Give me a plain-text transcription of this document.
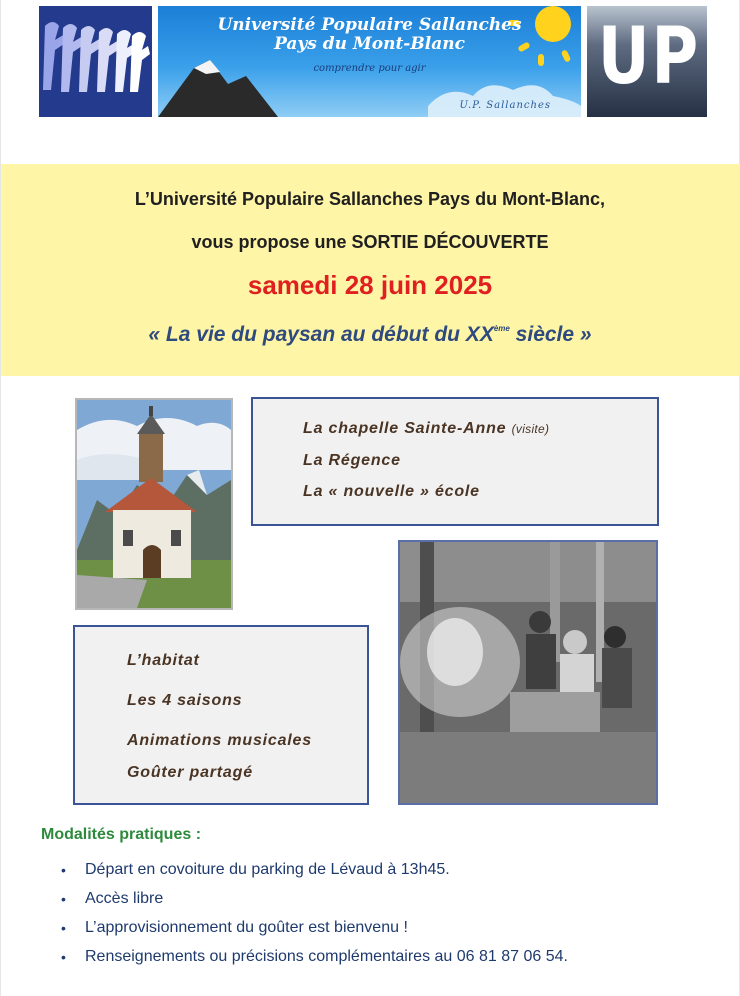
Université Populaire Sallanches
Pays du Mont-Blanc
comprendre pour agir
U.P. Sallanches
UP
L’Université Populaire Sallanches Pays du Mont-Blanc,
vous propose une SORTIE DÉCOUVERTE
samedi 28 juin 2025
« La vie du paysan au début du XXème siècle »
La chapelle Sainte-Anne (visite)
La Régence
La « nouvelle » école
L’habitat
Les 4 saisons
Animations musicales
Goûter partagé
Modalités pratiques :
• Départ en covoiture du parking de Lévaud à 13h45.
• Accès libre
• L’approvisionnement du goûter est bienvenu !
• Renseignements ou précisions complémentaires au 06 81 87 06 54.
